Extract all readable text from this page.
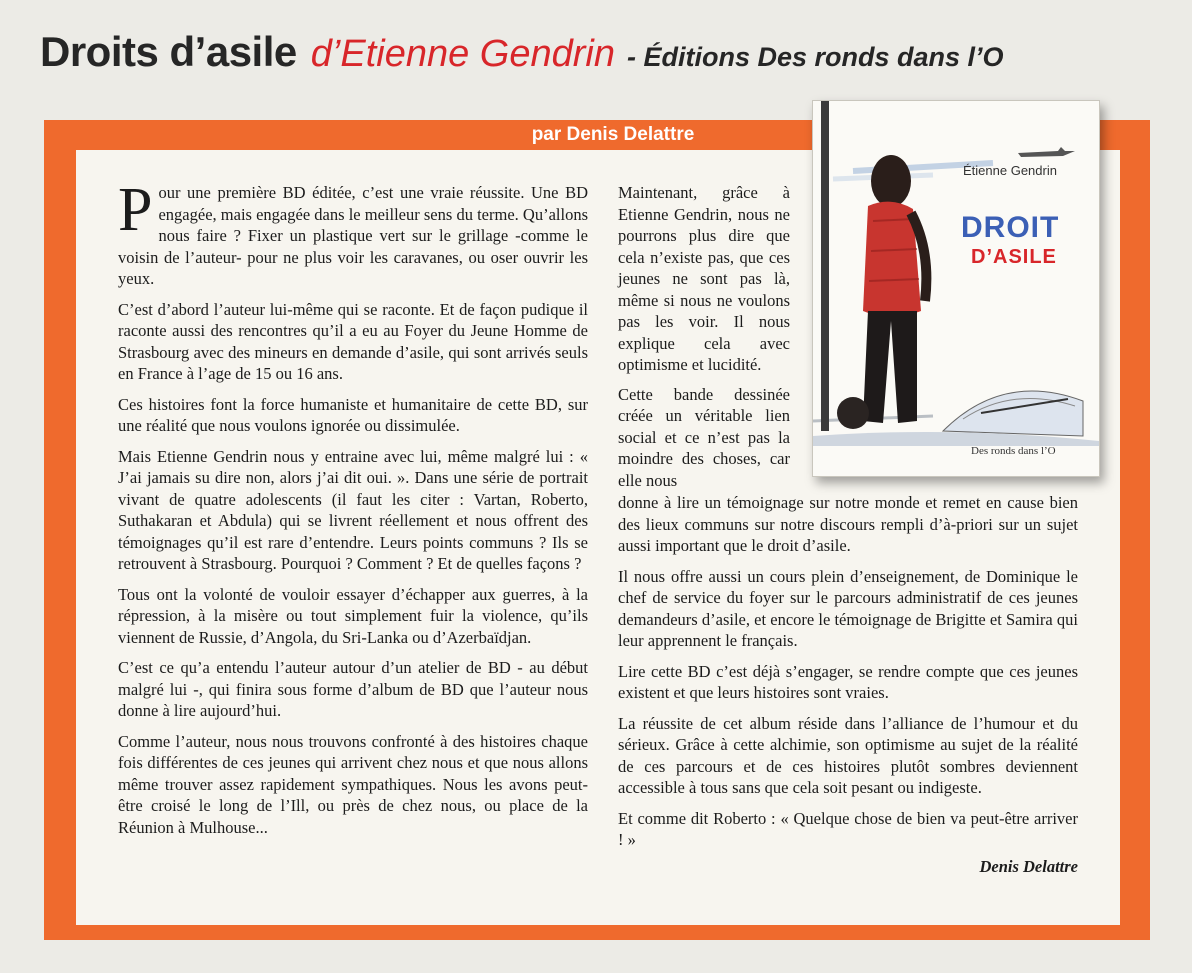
Droits d’asile d’Etienne Gendrin - Éditions Des ronds dans l’O
par Denis Delattre

Pour une première BD éditée, c’est une vraie réussite. Une BD engagée, mais engagée dans le meilleur sens du terme. Qu’allons nous faire ? Fixer un plastique vert sur le grillage -comme le voisin de l’auteur- pour ne plus voir les caravanes, ou oser ouvrir les yeux.

C’est d’abord l’auteur lui-même qui se raconte. Et de façon pudique il raconte aussi des rencontres qu’il a eu au Foyer du Jeune Homme de Strasbourg avec des mineurs en demande d’asile, qui sont arrivés seuls en France à l’age de 15 ou 16 ans.

Ces histoires font la force humaniste et humanitaire de cette BD, sur une réalité que nous voulons ignorée ou dissimulée.

Mais Etienne Gendrin nous y entraine avec lui, même malgré lui : « J’ai jamais su dire non, alors j’ai dit oui. ». Dans une série de portrait vivant de quatre adolescents (il faut les citer : Vartan, Roberto, Suthakaran et Abdula) qui se livrent réellement et nous offrent des témoignages qu’il est rare d’entendre. Leurs points communs ? Ils se retrouvent à Strasbourg. Pourquoi ? Comment ? Et de quelles façons ?

Tous ont la volonté de vouloir essayer d’échapper aux guerres, à la répression, à la misère ou tout simplement fuir la violence, qu’ils viennent de Russie, d’Angola, du Sri-Lanka ou d’Azerbaïdjan.

C’est ce qu’a entendu l’auteur autour d’un atelier de BD - au début malgré lui -, qui finira sous forme d’album de BD que l’auteur nous donne à lire aujourd’hui.

Comme l’auteur, nous nous trouvons confronté à des histoires chaque fois différentes de ces jeunes qui arrivent chez nous et que nous allons même trouver assez rapidement sympathiques. Nous les avons peut-être croisé le long de l’Ill, ou près de chez nous, ou place de la Réunion à Mulhouse...

Maintenant, grâce à Etienne Gendrin, nous ne pourrons plus dire que cela n’existe pas, que ces jeunes ne sont pas là, même si nous ne voulons pas les voir. Il nous explique cela avec optimisme et lucidité.

Cette bande dessinée créée un véritable lien social et ce n’est pas la moindre des choses, car elle nous

donne à lire un témoignage sur notre monde et remet en cause bien des lieux communs sur notre discours rempli d’à-priori sur un sujet aussi important que le droit d’asile.

Il nous offre aussi un cours plein d’enseignement, de Dominique le chef de service du foyer sur le parcours administratif de ces jeunes demandeurs d’asile, et encore le témoignage de Brigitte et Samira qui leur apprennent le français.

Lire cette BD c’est déjà s’engager, se rendre compte que ces jeunes existent et que leurs histoires sont vraies.

La réussite de cet album réside dans l’alliance de l’humour et du sérieux. Grâce à cette alchimie, son optimisme au sujet de la réalité de ces parcours et de ces histoires plutôt sombres deviennent accessible à tous sans que cela soit pesant ou indigeste.

Et comme dit Roberto : « Quelque chose de bien va peut-être arriver ! »

Denis Delattre
Étienne Gendrin
DROIT
D’ASILE
Des ronds dans l’O
